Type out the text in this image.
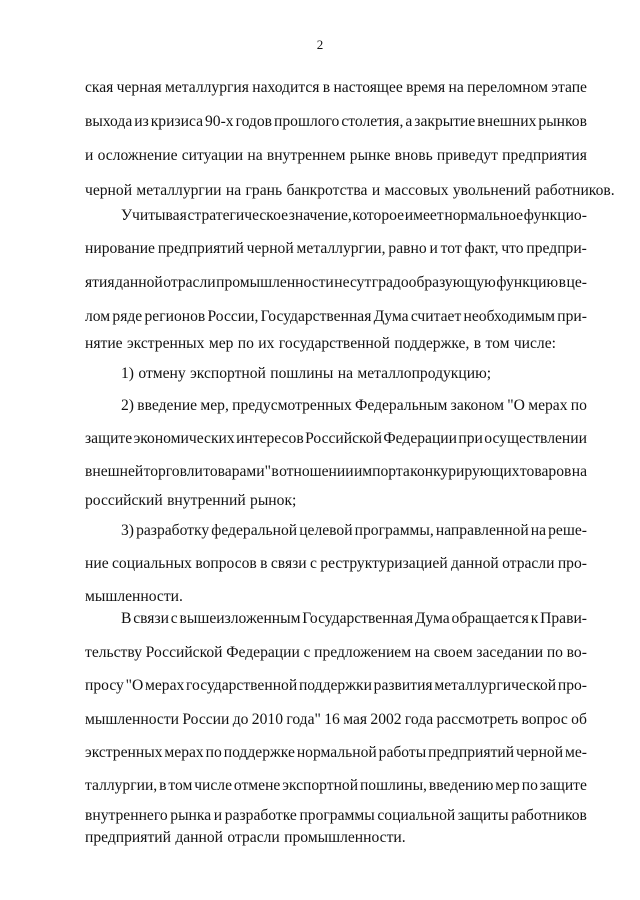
2
ская черная металлургия находится в настоящее время на переломном этапе
выхода из кризиса 90-х годов прошлого столетия, а закрытие внешних рынков
и осложнение ситуации на внутреннем рынке вновь приведут предприятия
черной металлургии на грань банкротства и массовых увольнений работников.
Учитывая стратегическое значение, которое имеет нормальное функцио-
нирование предприятий черной металлургии, равно и тот факт, что предпри-
ятия данной отрасли промышленности несут градообразующую функцию в це-
лом ряде регионов России, Государственная Дума считает необходимым при-
нятие экстренных мер по их государственной поддержке, в том числе:
1) отмену экспортной пошлины на металлопродукцию;
2) введение мер, предусмотренных Федеральным законом "О мерах по
защите экономических интересов Российской Федерации при осуществлении
внешней торговли товарами" в отношении импорта конкурирующих товаров на
российский внутренний рынок;
3) разработку федеральной целевой программы, направленной на реше-
ние социальных вопросов в связи с реструктуризацией данной отрасли про-
мышленности.
В связи с вышеизложенным Государственная Дума обращается к Прави-
тельству Российской Федерации с предложением на своем заседании по во-
просу "О мерах государственной поддержки развития металлургической про-
мышленности России до 2010 года" 16 мая 2002 года рассмотреть вопрос об
экстренных мерах по поддержке нормальной работы предприятий черной ме-
таллургии, в том числе отмене экспортной пошлины, введению мер по защите
внутреннего рынка и разработке программы социальной защиты работников
предприятий данной отрасли промышленности.
